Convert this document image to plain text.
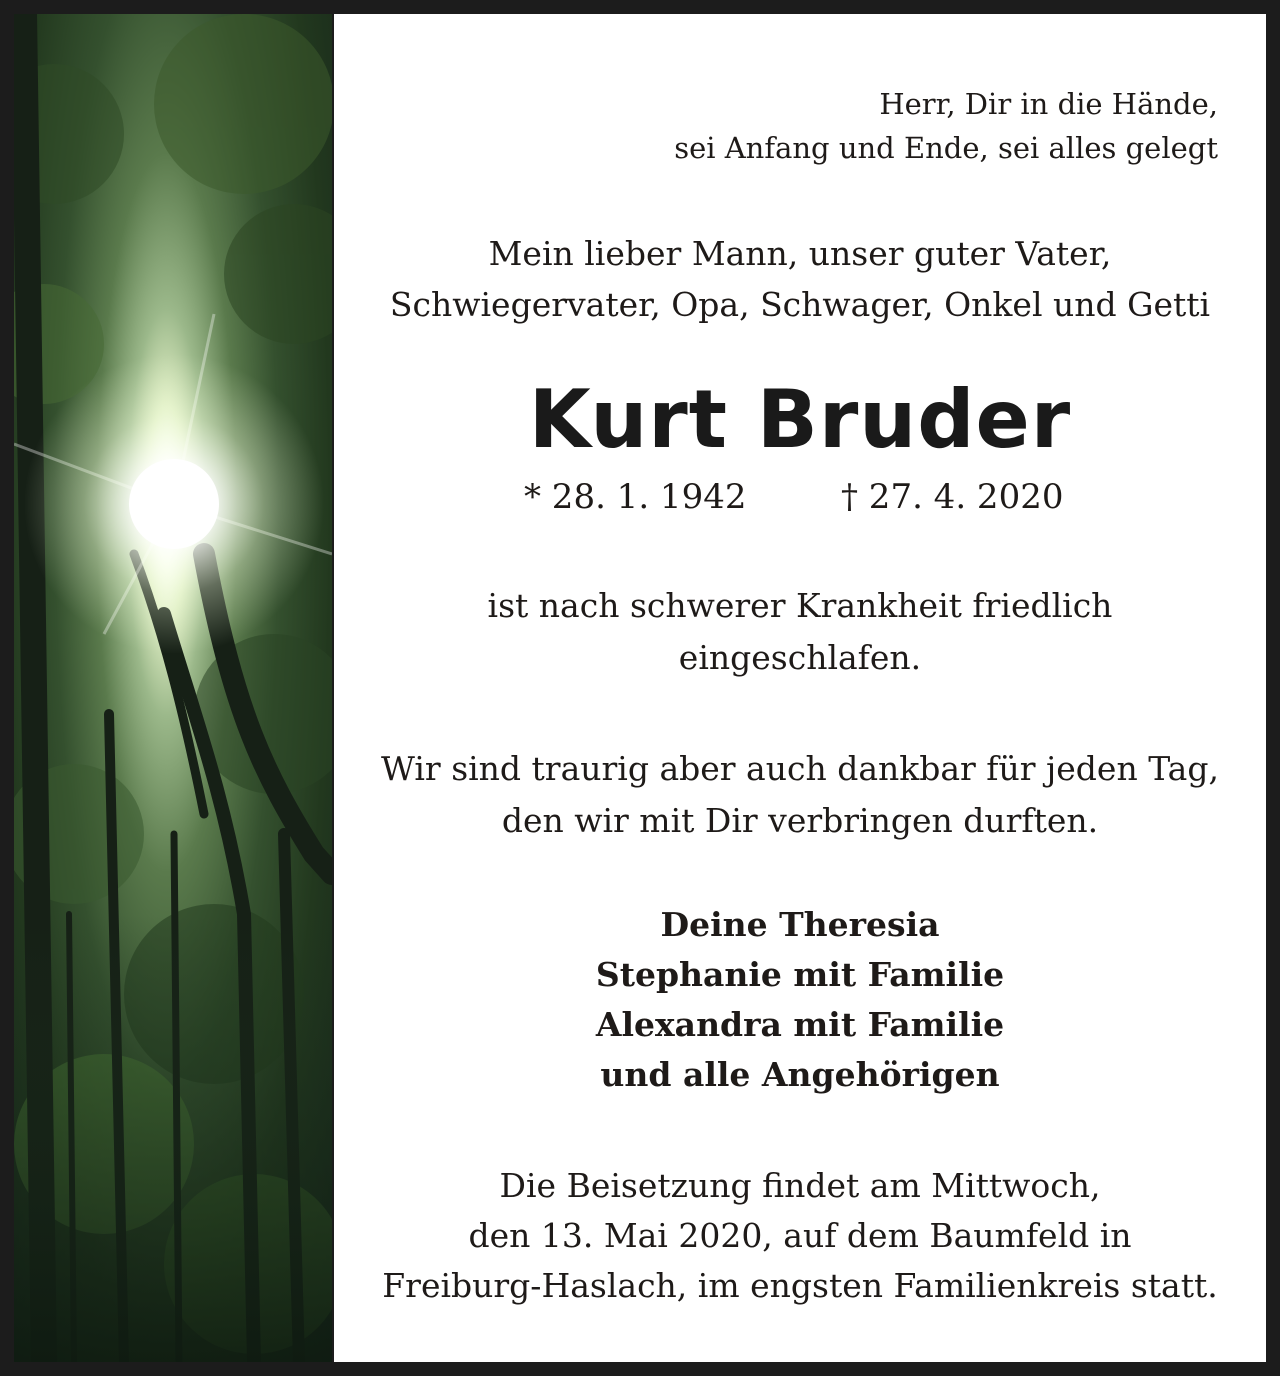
Herr, Dir in die Hände,
sei Anfang und Ende, sei alles gelegt

Mein lieber Mann, unser guter Vater,
Schwiegervater, Opa, Schwager, Onkel und Getti

Kurt Bruder
* 28. 1. 1942	† 27. 4. 2020

ist nach schwerer Krankheit friedlich
eingeschlafen.

Wir sind traurig aber auch dankbar für jeden Tag,
den wir mit Dir verbringen durften.

Deine Theresia
Stephanie mit Familie
Alexandra mit Familie
und alle Angehörigen

Die Beisetzung findet am Mittwoch,
den 13. Mai 2020, auf dem Baumfeld in
Freiburg-Haslach, im engsten Familienkreis statt.
